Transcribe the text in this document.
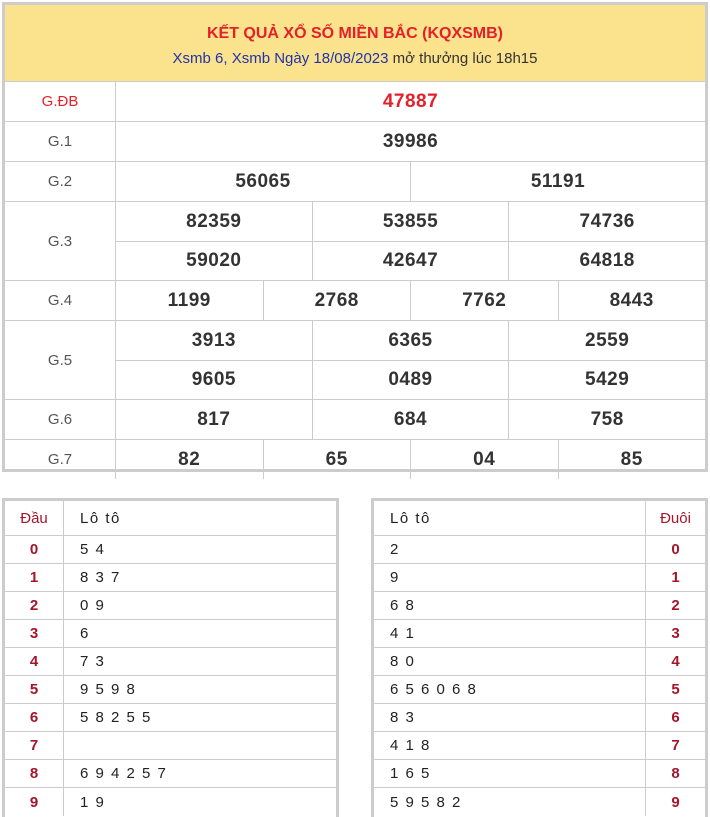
KẾT QUẢ XỔ SỐ MIỀN BẮC (KQXSMB)
Xsmb 6, Xsmb Ngày 18/08/2023 mở thưởng lúc 18h15
G.ĐB	47887
G.1	39986
G.2	56065	51191
G.3
82359	53855	74736
59020	42647	64818
G.4	1199	2768	7762	8443
G.5
3913	6365	2559
9605	0489	5429
G.6	817	684	758
G.7	82	65	04	85
Đầu	Lô tô
0	5 4
1	8 3 7
2	0 9
3	6
4	7 3
5	9 5 9 8
6	5 8 2 5 5
7
8	6 9 4 2 5 7
9	1 9
Lô tô	Đuôi
2	0
9	1
6 8	2
4 1	3
8 0	4
6 5 6 0 6 8	5
8 3	6
4 1 8	7
1 6 5	8
5 9 5 8 2	9
